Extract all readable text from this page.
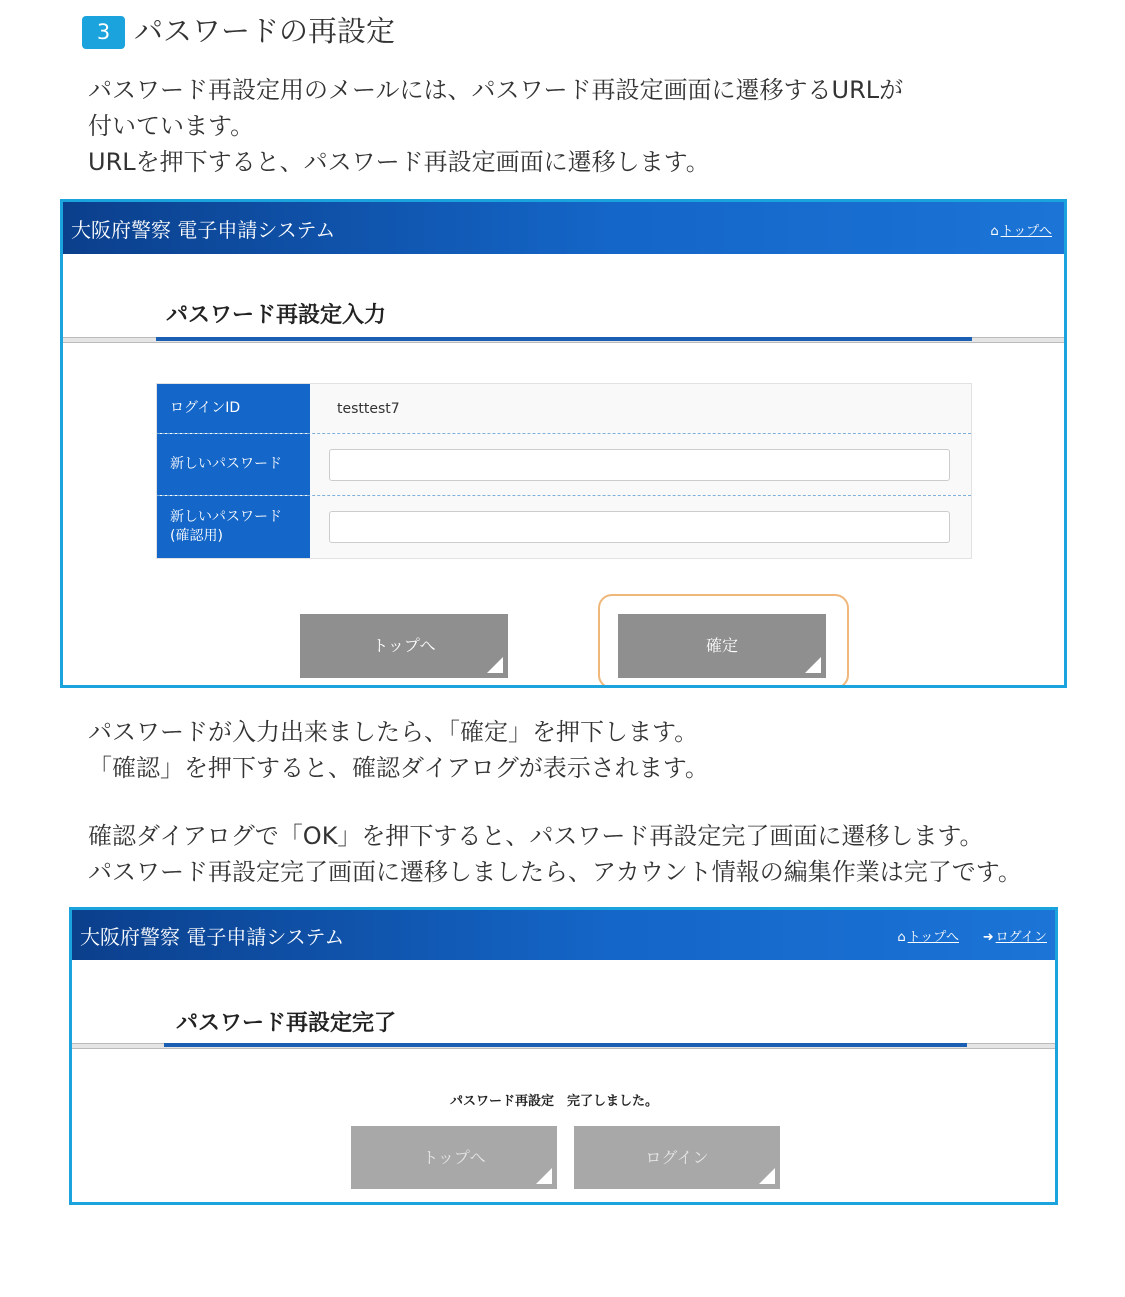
3 パスワードの再設定
パスワード再設定用のメールには、パスワード再設定画面に遷移するURLが
付いています。
URLを押下すると、パスワード再設定画面に遷移します。
大阪府警察 電子申請システム	⌂ トップへ
パスワード再設定入力
ログインID	testtest7
新しいパスワード
新しいパスワード
(確認用)
トップへ	確定
パスワードが入力出来ましたら、「確定」を押下します。
「確認」を押下すると、確認ダイアログが表示されます。
確認ダイアログで「OK」を押下すると、パスワード再設定完了画面に遷移します。
パスワード再設定完了画面に遷移しましたら、アカウント情報の編集作業は完了です。
大阪府警察 電子申請システム	⌂ トップへ ➜ ログイン
パスワード再設定完了
パスワード再設定　完了しました。
トップへ	ログイン
